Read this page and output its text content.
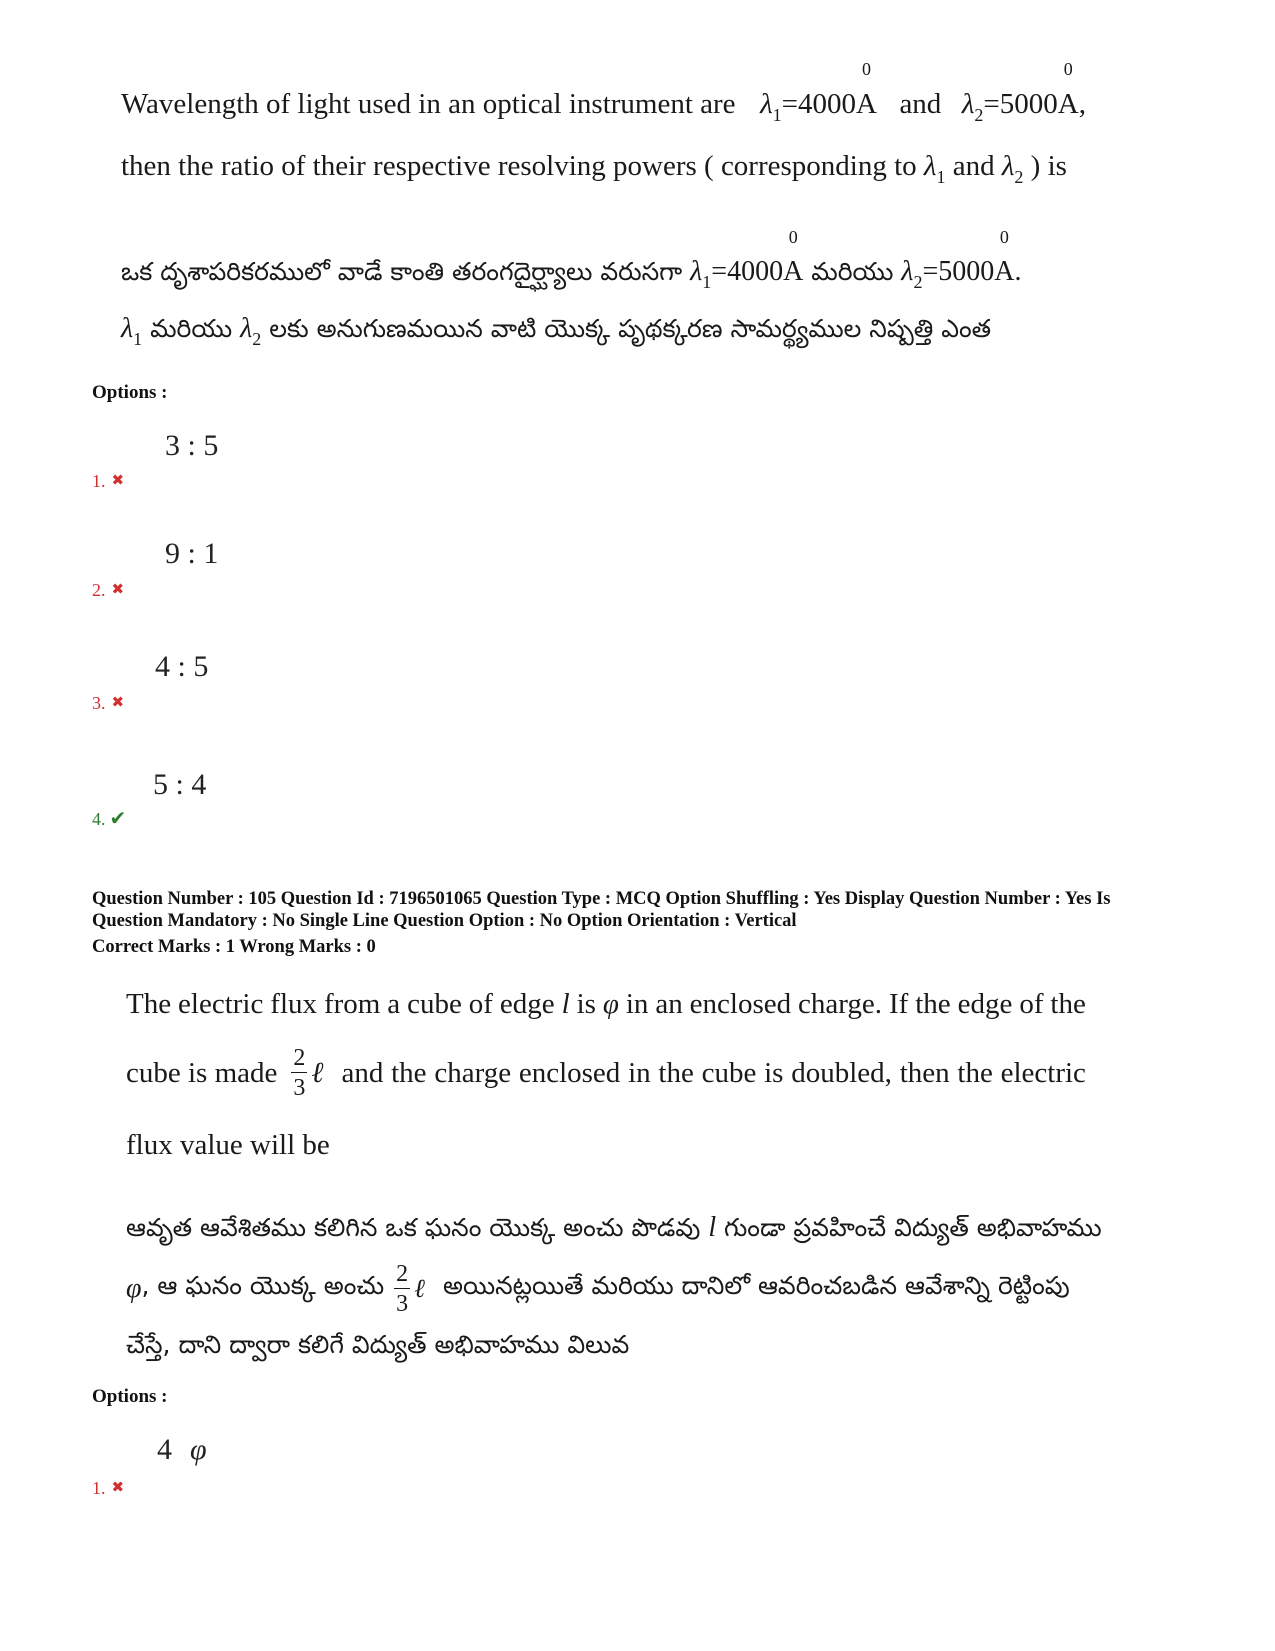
Wavelength of light used in an optical instrument are $\lambda_1=4000$
0
A and $\lambda_2=5000$
0
A,
then the ratio of their respective resolving powers ( corresponding to $\lambda_1$ and $\lambda_2$ ) is
ఒక దృశాపరికరములో వాడే కాంతి తరంగదైర్ఘ్యాలు వరుసగా $\lambda_1=4000$
0
A మరియు $\lambda_2=5000$
0
A.
$\lambda_1$ మరియు $\lambda_2$ లకు అనుగుణమయిన వాటి యొక్క పృథక్కరణ సామర్థ్యముల నిష్పత్తి ఎంత
Options :
3 : 5
1. ✖
9 : 1
2. ✖
4 : 5
3. ✖
5 : 4
4. ✔
Question Number : 105 Question Id : 7196501065 Question Type : MCQ Option Shuffling : Yes Display Question Number : Yes Is
Question Mandatory : No Single Line Question Option : No Option Orientation : Vertical
Correct Marks : 1 Wrong Marks : 0
The electric flux from a cube of edge l is φ in an enclosed charge. If the edge of the
cube is made $\frac{2}{3}$ ℓ and the charge enclosed in the cube is doubled, then the electric
flux value will be
ఆవృత ఆవేశితము కలిగిన ఒక ఘనం యొక్క అంచు పొడవు l గుండా ప్రవహించే విద్యుత్ అభివాహము
φ , ఆ ఘనం యొక్క అంచు $\frac{2}{3}$ ℓ అయినట్లయితే మరియు దానిలో ఆవరించబడిన ఆవేశాన్ని రెట్టింపు
చేస్తే, దాని ద్వారా కలిగే విద్యుత్ అభివాహము విలువ
Options :
4 φ
1. ✖
